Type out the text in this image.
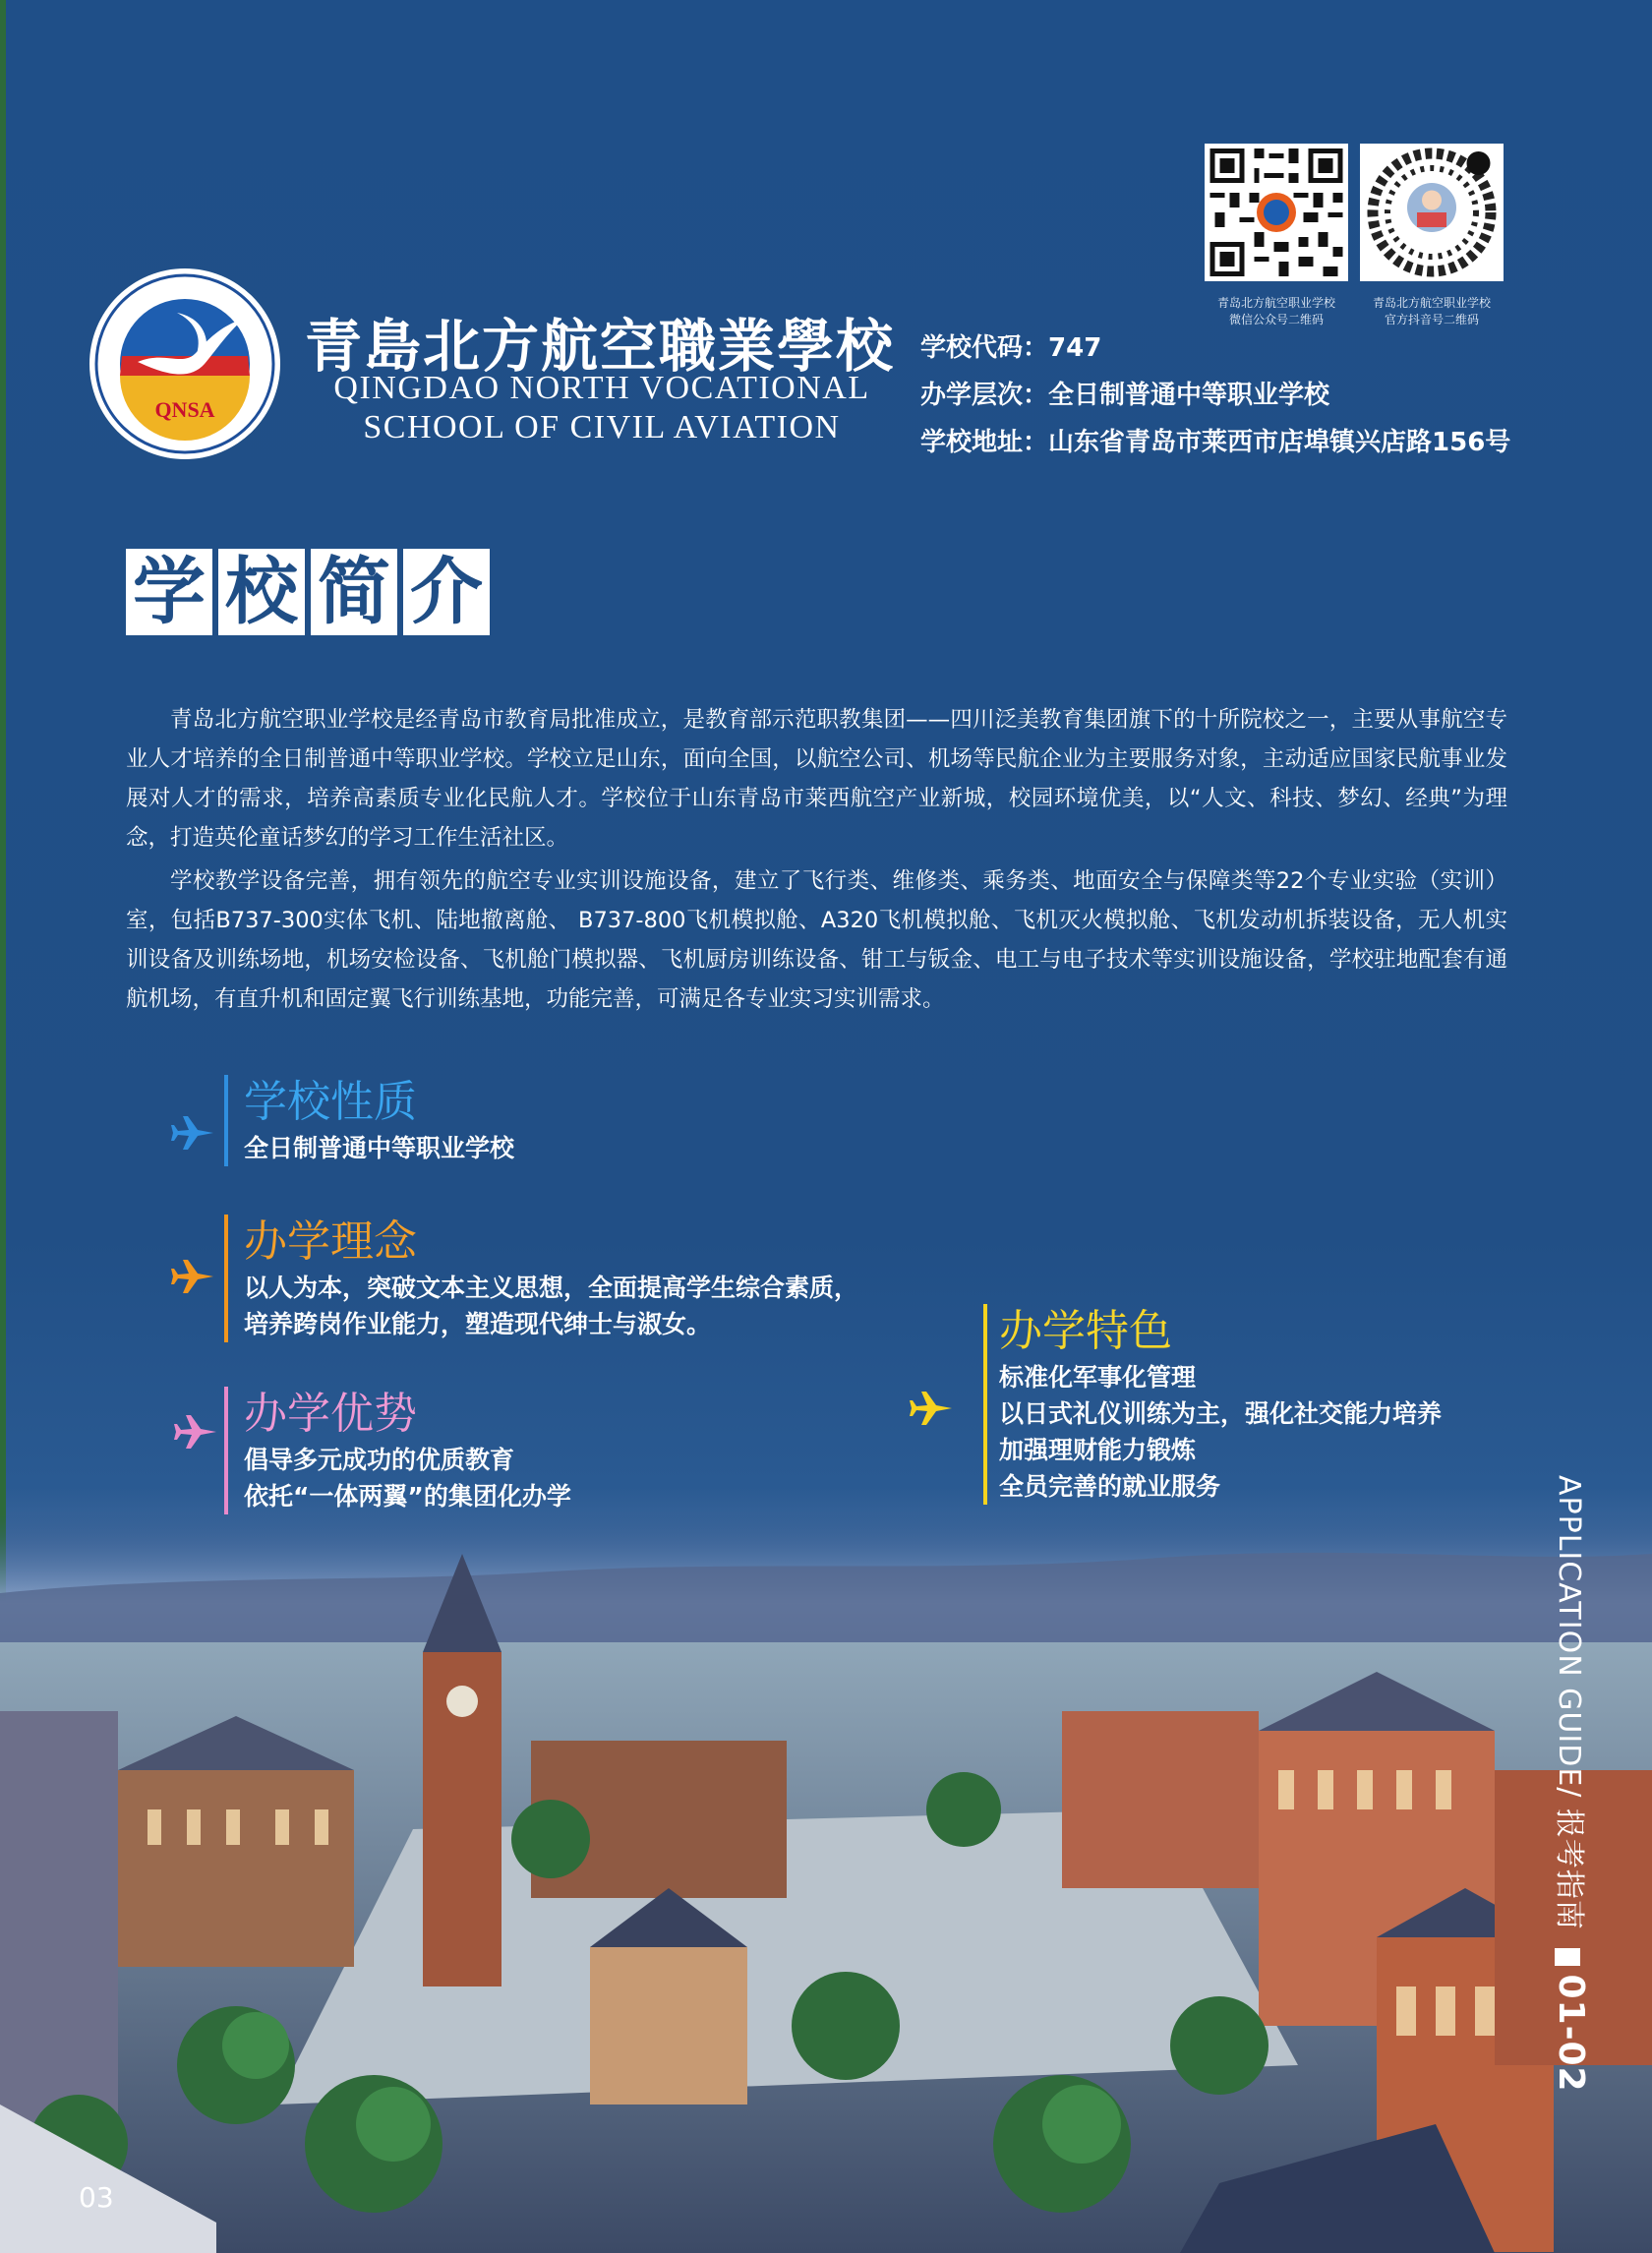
QNSA
青島北方航空職業學校
QINGDAO NORTH VOCATIONAL
SCHOOL OF CIVIL AVIATION
学校代码：747
办学层次：全日制普通中等职业学校
学校地址：山东省青岛市莱西市店埠镇兴店路156号
青岛北方航空职业学校
微信公众号二维码
青岛北方航空职业学校
官方抖音号二维码
学 校 简 介

青岛北方航空职业学校是经青岛市教育局批准成立，是教育部示范职教集团——四川泛美教育集团旗下的十所院校之一，主要从事航空专业人才培养的全日制普通中等职业学校。学校立足山东，面向全国，以航空公司、机场等民航企业为主要服务对象，主动适应国家民航事业发展对人才的需求，培养高素质专业化民航人才。学校位于山东青岛市莱西航空产业新城，校园环境优美，以“人文、科技、梦幻、经典”为理念，打造英伦童话梦幻的学习工作生活社区。

学校教学设备完善，拥有领先的航空专业实训设施设备，建立了飞行类、维修类、乘务类、地面安全与保障类等22个专业实验（实训）室，包括B737-300实体飞机、陆地撤离舱、 B737-800飞机模拟舱、A320飞机模拟舱、飞机灭火模拟舱、飞机发动机拆装设备，无人机实训设备及训练场地，机场安检设备、飞机舱门模拟器、飞机厨房训练设备、钳工与钣金、电工与电子技术等实训设施设备，学校驻地配套有通航机场，有直升机和固定翼飞行训练基地，功能完善，可满足各专业实习实训需求。

学校性质
全日制普通中等职业学校
办学理念
以人为本，突破文本主义思想，全面提高学生综合素质，
培养跨岗作业能力，塑造现代绅士与淑女。
办学优势
倡导多元成功的优质教育
依托“一体两翼”的集团化办学
办学特色
标准化军事化管理
以日式礼仪训练为主，强化社交能力培养
加强理财能力锻炼
全员完善的就业服务	APPLICATION GUIDE/ 报考指南 01-02
03
